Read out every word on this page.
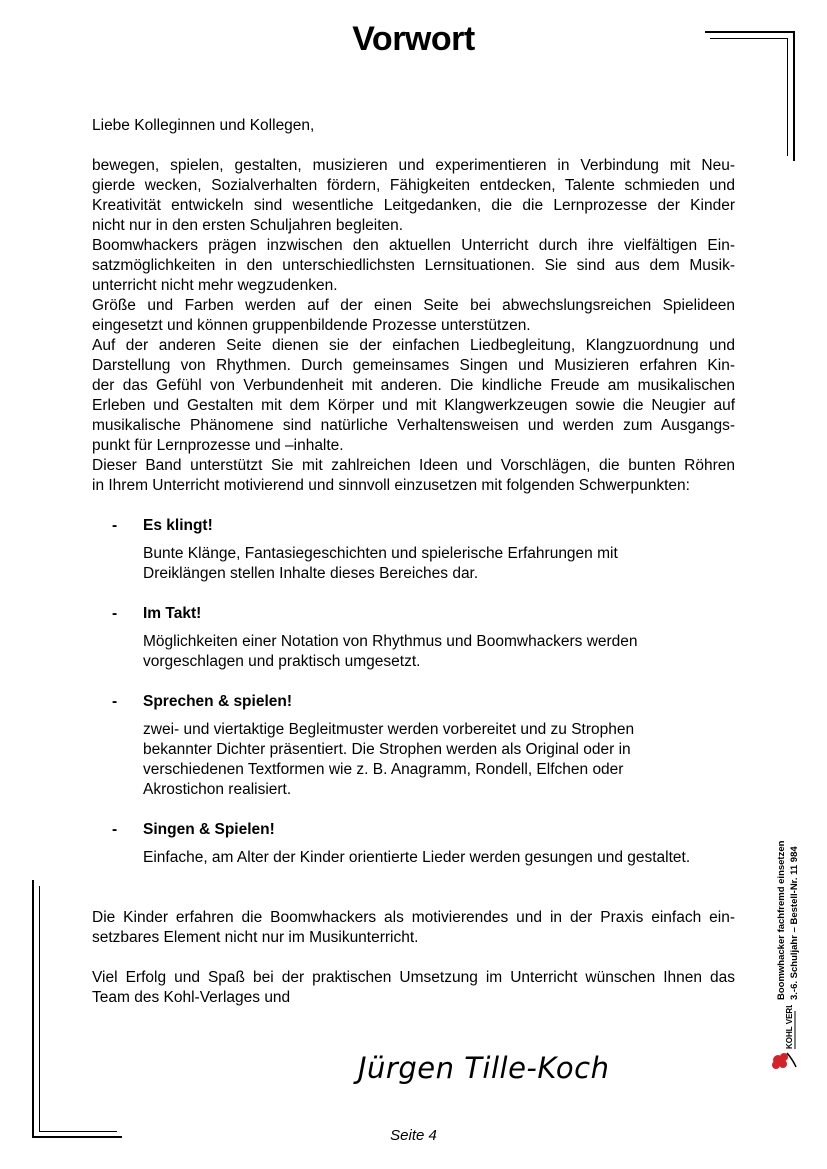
Vorwort
Liebe Kolleginnen und Kollegen,
bewegen, spielen, gestalten, musizieren und experimentieren in Verbindung mit Neu-
gierde wecken, Sozialverhalten fördern, Fähigkeiten entdecken, Talente schmieden und
Kreativität entwickeln sind wesentliche Leitgedanken, die die Lernprozesse der Kinder
nicht nur in den ersten Schuljahren begleiten.
Boomwhackers prägen inzwischen den aktuellen Unterricht durch ihre vielfältigen Ein-
satzmöglichkeiten in den unterschiedlichsten Lernsituationen. Sie sind aus dem Musik-
unterricht nicht mehr wegzudenken.
Größe und Farben werden auf der einen Seite bei abwechslungsreichen Spielideen
eingesetzt und können gruppenbildende Prozesse unterstützen.
Auf der anderen Seite dienen sie der einfachen Liedbegleitung, Klangzuordnung und
Darstellung von Rhythmen. Durch gemeinsames Singen und Musizieren erfahren Kin-
der das Gefühl von Verbundenheit mit anderen. Die kindliche Freude am musikalischen
Erleben und Gestalten mit dem Körper und mit Klangwerkzeugen sowie die Neugier auf
musikalische Phänomene sind natürliche Verhaltensweisen und werden zum Ausgangs-
punkt für Lernprozesse und –inhalte.
Dieser Band unterstützt Sie mit zahlreichen Ideen und Vorschlägen, die bunten Röhren
in Ihrem Unterricht motivierend und sinnvoll einzusetzen mit folgenden Schwerpunkten:
- Es klingt!
Bunte Klänge, Fantasiegeschichten und spielerische Erfahrungen mit
Dreiklängen stellen Inhalte dieses Bereiches dar.
- Im Takt!
Möglichkeiten einer Notation von Rhythmus und Boomwhackers werden
vorgeschlagen und praktisch umgesetzt.
- Sprechen & spielen!
zwei- und viertaktige Begleitmuster werden vorbereitet und zu Strophen
bekannter Dichter präsentiert. Die Strophen werden als Original oder in
verschiedenen Textformen wie z. B. Anagramm, Rondell, Elfchen oder
Akrostichon realisiert.
- Singen & Spielen!
Einfache, am Alter der Kinder orientierte Lieder werden gesungen und gestaltet.
Die Kinder erfahren die Boomwhackers als motivierendes und in der Praxis einfach ein-
setzbares Element nicht nur im Musikunterricht.
Viel Erfolg und Spaß bei der praktischen Umsetzung im Unterricht wünschen Ihnen das
Team des Kohl-Verlages und
Jürgen Tille-Koch
Seite 4
Boomwhacker fachfremd einsetzen 3.-6. Schuljahr – Bestell-Nr. 11 984
KOHL VERLAG
